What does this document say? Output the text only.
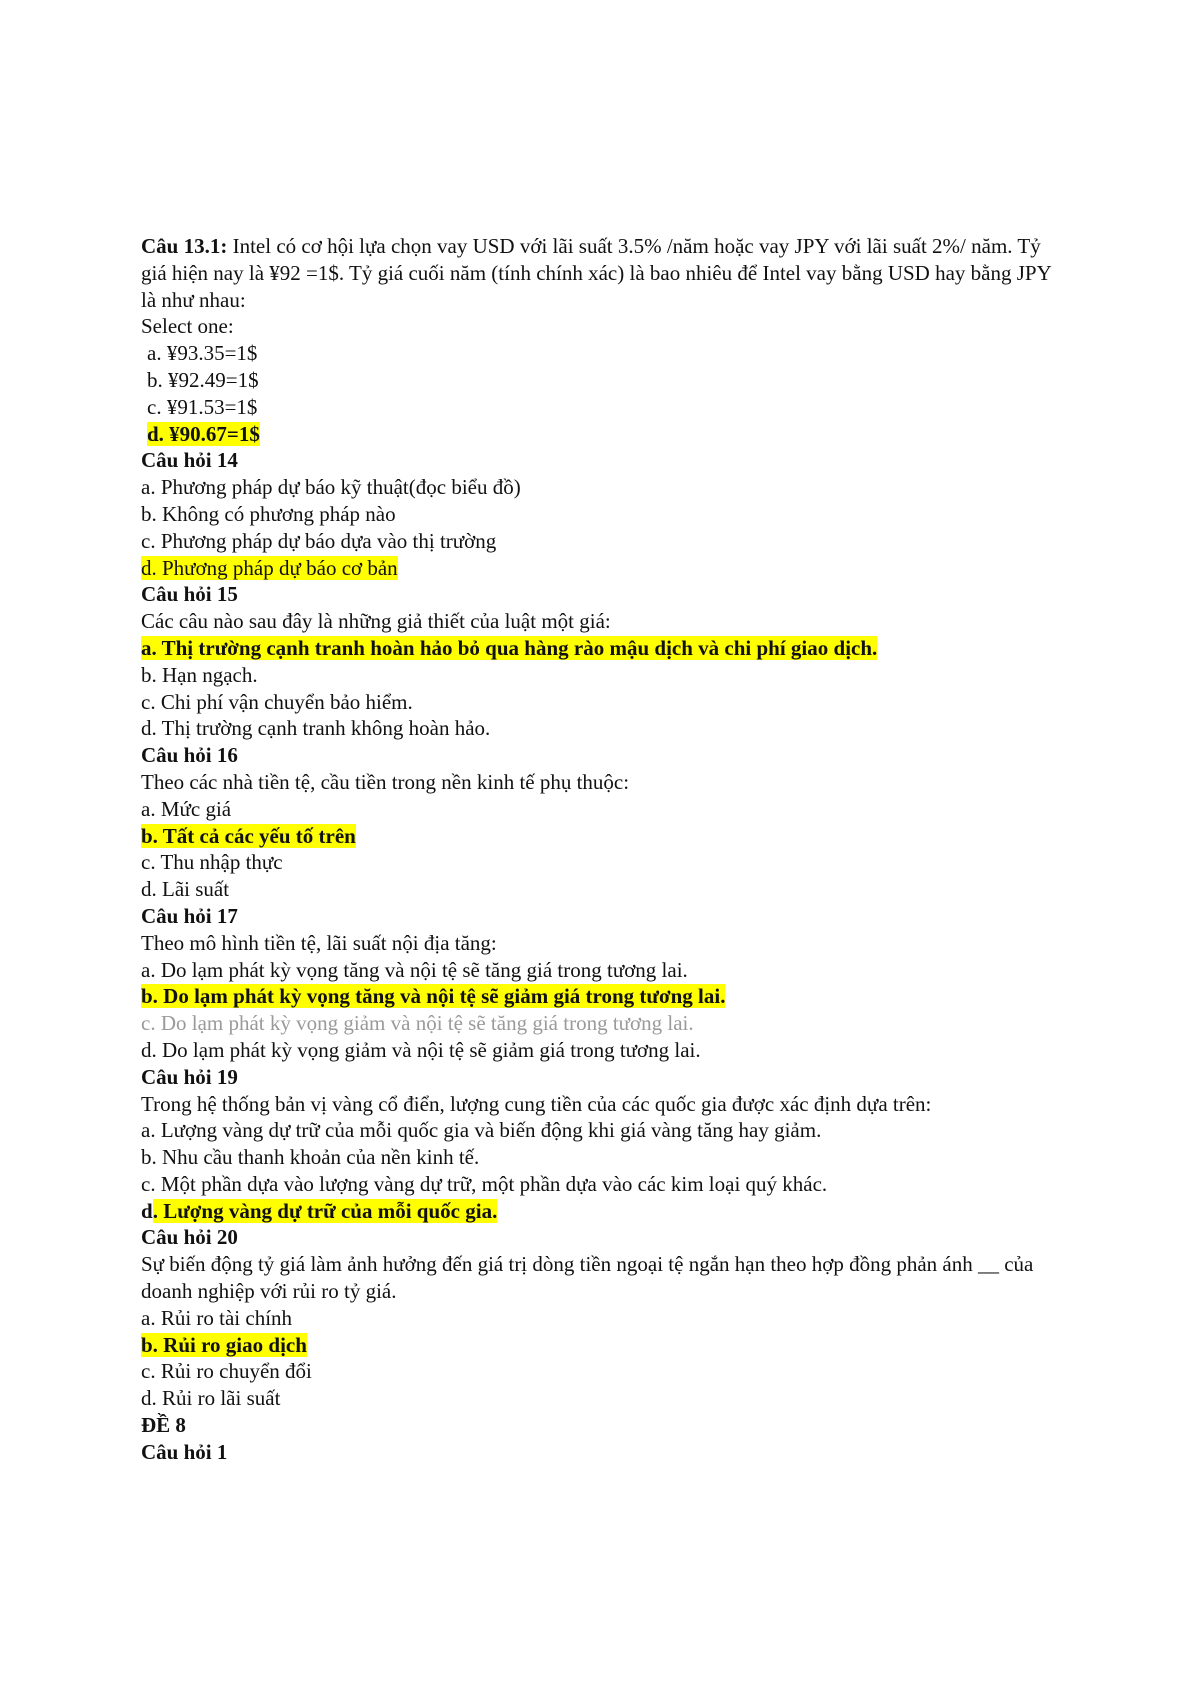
Câu 13.1: Intel có cơ hội lựa chọn vay USD với lãi suất 3.5% /năm hoặc vay JPY với lãi suất 2%/ năm. Tỷ giá hiện nay là ¥92 =1$. Tỷ giá cuối năm (tính chính xác) là bao nhiêu để Intel vay bằng USD hay bằng JPY là như nhau:
Select one:
a. ¥93.35=1$
b. ¥92.49=1$
c. ¥91.53=1$
d. ¥90.67=1$
Câu hỏi 14
a. Phương pháp dự báo kỹ thuật(đọc biểu đồ)
b. Không có phương pháp nào
c. Phương pháp dự báo dựa vào thị trường
d. Phương pháp dự báo cơ bản
Câu hỏi 15
Các câu nào sau đây là những giả thiết của luật một giá:
a. Thị trường cạnh tranh hoàn hảo bỏ qua hàng rào mậu dịch và chi phí giao dịch.
b. Hạn ngạch.
c. Chi phí vận chuyển bảo hiểm.
d. Thị trường cạnh tranh không hoàn hảo.
Câu hỏi 16
Theo các nhà tiền tệ, cầu tiền trong nền kinh tế phụ thuộc:
a. Mức giá
b. Tất cả các yếu tố trên
c. Thu nhập thực
d. Lãi suất
Câu hỏi 17
Theo mô hình tiền tệ, lãi suất nội địa tăng:
a. Do lạm phát kỳ vọng tăng và nội tệ sẽ tăng giá trong tương lai.
b. Do lạm phát kỳ vọng tăng và nội tệ sẽ giảm giá trong tương lai.
c. Do lạm phát kỳ vọng giảm và nội tệ sẽ tăng giá trong tương lai.
d. Do lạm phát kỳ vọng giảm và nội tệ sẽ giảm giá trong tương lai.
Câu hỏi 19
Trong hệ thống bản vị vàng cổ điển, lượng cung tiền của các quốc gia được xác định dựa trên:
a. Lượng vàng dự trữ của mỗi quốc gia và biến động khi giá vàng tăng hay giảm.
b. Nhu cầu thanh khoản của nền kinh tế.
c. Một phần dựa vào lượng vàng dự trữ, một phần dựa vào các kim loại quý khác.
d. Lượng vàng dự trữ của mỗi quốc gia.
Câu hỏi 20
Sự biến động tỷ giá làm ảnh hưởng đến giá trị dòng tiền ngoại tệ ngắn hạn theo hợp đồng phản ánh __ của doanh nghiệp với rủi ro tỷ giá.
a. Rủi ro tài chính
b. Rủi ro giao dịch
c. Rủi ro chuyển đổi
d. Rủi ro lãi suất
ĐỀ 8
Câu hỏi 1
